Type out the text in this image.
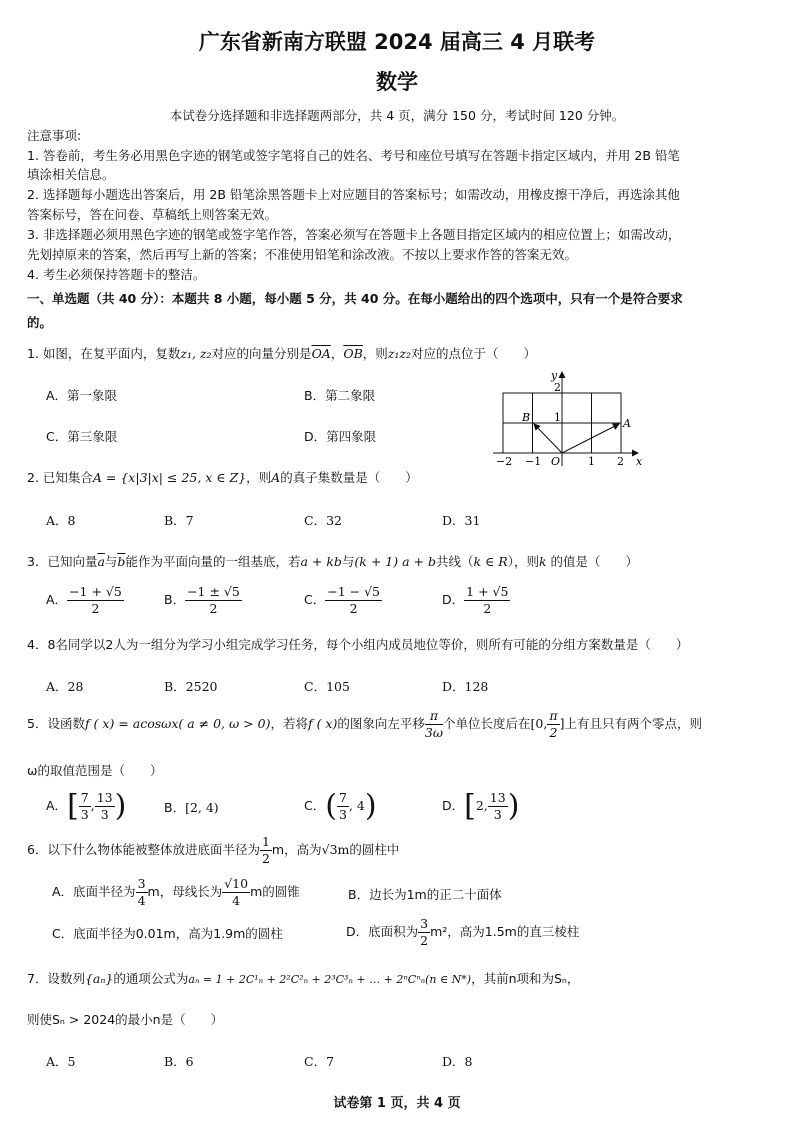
广东省新南方联盟 2024 届高三 4 月联考
数学
本试卷分选择题和非选择题两部分，共 4 页，满分 150 分，考试时间 120 分钟。
注意事项:
1. 答卷前，考生务必用黑色字迹的钢笔或签字笔将自己的姓名、考号和座位号填写在答题卡指定区域内，并用 2B 铅笔
填涂相关信息。
2. 选择题每小题选出答案后，用 2B 铅笔涂黑答题卡上对应题目的答案标号；如需改动，用橡皮擦干净后，再选涂其他
答案标号，答在问卷、草稿纸上则答案无效。
3. 非选择题必须用黑色字迹的钢笔或签字笔作答，答案必须写在答题卡上各题目指定区域内的相应位置上；如需改动，
先划掉原来的答案，然后再写上新的答案；不准使用铅笔和涂改液。不按以上要求作答的答案无效。
4. 考生必须保持答题卡的整洁。
一、单选题（共 40 分）：本题共 8 小题，每小题 5 分，共 40 分。在每小题给出的四个选项中，只有一个是符合要求
的。
1. 如图，在复平面内，复数z₁, z₂对应的向量分别是$\overline{OA}$，$\overline{OB}$，则z₁z₂对应的点位于（　　）
A．第一象限	B．第二象限
C．第三象限	D．第四象限
y
2
1
B	A
O
−2 −1	1 2 x
2. 已知集合A = {x|3|x| ≤ 25, x ∈ Z}，则A的真子集数量是（　　）
A．8	B．7	C．32	D．31
3．已知向量$\overline{a}$与$\overline{b}$能作为平面向量的一组基底，若a + kb与(k + 1) a + b共线（k ∈ R），则k 的值是（　　）
A． $\frac{-1 + √5}{2}$	B． $\frac{-1 \pm √5}{2}$	C． $\frac{-1 - √5}{2}$	D． $\frac{1 + √5}{2}$
4．8名同学以2人为一组分为学习小组完成学习任务，每个小组内成员地位等价，则所有可能的分组方案数量是（　　）
A．28	B．2520	C．105	D．128
5．设函数f ( x) = acosωx( a ≠ 0, ω > 0)，若将f ( x)的图象向左平移 $\frac{\pi}{3\omega}$ 个单位长度后在[0, $\frac{\pi}{2}$ ]上有且只有两个零点，则
ω的取值范围是（　　）
A．[ $\frac{7}{3}$ , $\frac{13}{3}$ )	B．[2, 4)	C．( $\frac{7}{3}$ , 4)	D．[2, $\frac{13}{3}$ )
6．以下什么物体能被整体放进底面半径为 $\frac{1}{2}$ m，高为√3m的圆柱中
A．底面半径为 $\frac{3}{4}$ m，母线长为 $\frac{√10}{4}$ m的圆锥	B．边长为1m的正二十面体
C．底面半径为0.01m，高为1.9m的圆柱	D．底面积为 $\frac{3}{2} m^2$，高为1.5m的直三棱柱
7．设数列{aₙ}的通项公式为aₙ = 1 + 2C¹ₙ + 2²C²ₙ + 2³C³ₙ + … + 2ⁿCⁿₙ(n ∈ N*)，其前n项和为Sₙ，
则使Sₙ > 2024的最小n是（　　）
A．5	B．6	C．7	D．8
试卷第 1 页，共 4 页
